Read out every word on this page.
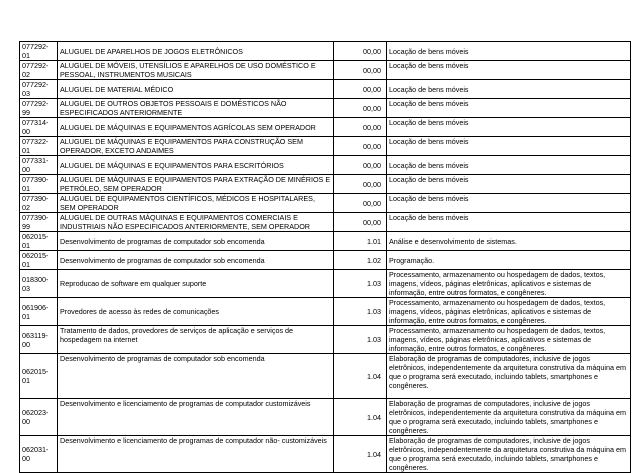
077292-01	ALUGUEL DE APARELHOS DE JOGOS ELETRÔNICOS	00,00	Locação de bens móveis
077292-02	ALUGUEL DE MÓVEIS, UTENSÍLIOS E APARELHOS DE USO DOMÉSTICO E PESSOAL, INSTRUMENTOS MUSICAIS	00,00	Locação de bens móveis
077292-03	ALUGUEL DE MATERIAL MÉDICO	00,00	Locação de bens móveis
077292-99	ALUGUEL DE OUTROS OBJETOS PESSOAIS E DOMÉSTICOS NÃO ESPECIFICADOS ANTERIORMENTE	00,00	Locação de bens móveis
077314-00	ALUGUEL DE MÁQUINAS E EQUIPAMENTOS AGRÍCOLAS SEM OPERADOR	00,00	Locação de bens móveis
077322-01	ALUGUEL DE MÁQUINAS E EQUIPAMENTOS PARA CONSTRUÇÃO SEM OPERADOR, EXCETO ANDAIMES	00,00	Locação de bens móveis
077331-00	ALUGUEL DE MÁQUINAS E EQUIPAMENTOS PARA ESCRITÓRIOS	00,00	Locação de bens móveis
077390-01	ALUGUEL DE MÁQUINAS E EQUIPAMENTOS PARA EXTRAÇÃO DE MINÉRIOS E PETRÓLEO, SEM OPERADOR	00,00	Locação de bens móveis
077390-02	ALUGUEL DE EQUIPAMENTOS CIENTÍFICOS, MÉDICOS E HOSPITALARES, SEM OPERADOR	00,00	Locação de bens móveis
077390-99	ALUGUEL DE OUTRAS MÁQUINAS E EQUIPAMENTOS COMERCIAIS E INDUSTRIAIS NÃO ESPECIFICADOS ANTERIORMENTE, SEM OPERADOR	00,00	Locação de bens móveis
062015-01	Desenvolvimento de programas de computador sob encomenda	1.01	Análise e desenvolvimento de sistemas.
062015-01	Desenvolvimento de programas de computador sob encomenda	1.02	Programação.
018300-03	Reproducao de software em qualquer suporte	1.03	Processamento, armazenamento ou hospedagem de dados, textos, imagens, vídeos, páginas eletrônicas, aplicativos e sistemas de informação, entre outros formatos, e congêneres.
061906-01	Provedores de acesso às redes de comunicações	1.03	Processamento, armazenamento ou hospedagem de dados, textos, imagens, vídeos, páginas eletrônicas, aplicativos e sistemas de informação, entre outros formatos, e congêneres.
063119-00	Tratamento de dados, provedores de serviços de aplicação e serviços de hospedagem na internet	1.03	Processamento, armazenamento ou hospedagem de dados, textos, imagens, vídeos, páginas eletrônicas, aplicativos e sistemas de informação, entre outros formatos, e congêneres.
062015-01	Desenvolvimento de programas de computador sob encomenda	1.04	Elaboração de programas de computadores, inclusive de jogos eletrônicos, independentemente da arquitetura construtiva da máquina em que o programa será executado, incluindo tablets, smartphones e congêneres.
062023-00	Desenvolvimento e licenciamento de programas de computador customizáveis	1.04	Elaboração de programas de computadores, inclusive de jogos eletrônicos, independentemente da arquitetura construtiva da máquina em que o programa será executado, incluindo tablets, smartphones e congêneres.
062031-00	Desenvolvimento e licenciamento de programas de computador não- customizáveis	1.04	Elaboração de programas de computadores, inclusive de jogos eletrônicos, independentemente da arquitetura construtiva da máquina em que o programa será executado, incluindo tablets, smartphones e congêneres.
